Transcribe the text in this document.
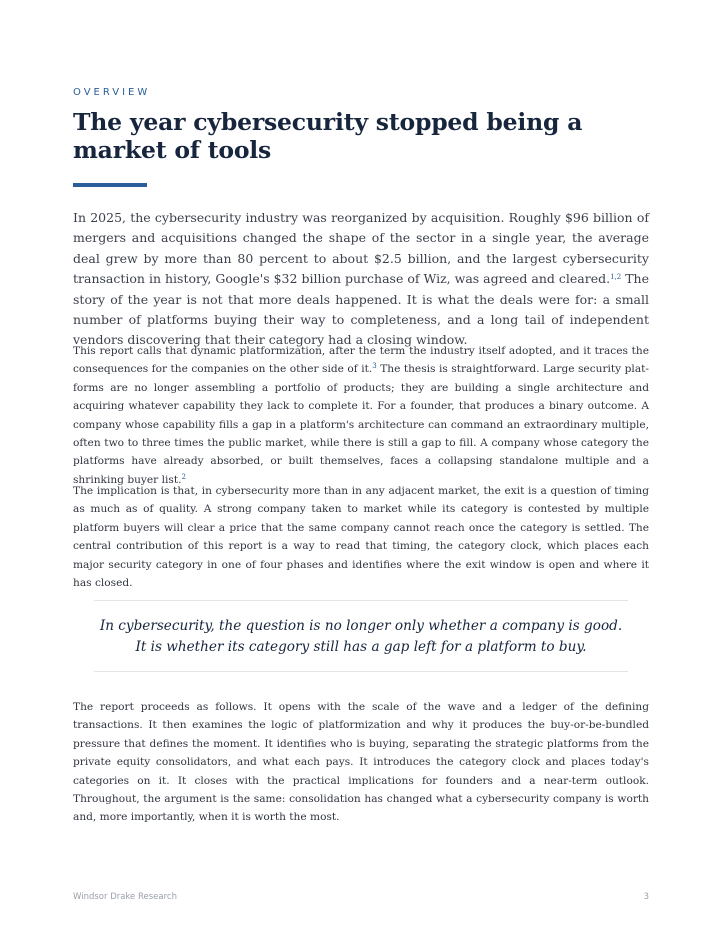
OVERVIEW
The year cybersecurity stopped being a market of tools

In 2025, the cybersecurity industry was reorganized by acquisition. Roughly $96 billion of mergers and acquisitions changed the shape of the sector in a single year, the average deal grew by more than 80 percent to about $2.5 billion, and the largest cybersecurity transaction in history, Google's $32 billion purchase of Wiz, was agreed and cleared.$^{1,2}$ The story of the year is not that more deals happened. It is what the deals were for: a small number of platforms buying their way to completeness, and a long tail of independent vendors discovering that their category had a closing window.

This report calls that dynamic platformization, after the term the industry itself adopted, and it traces the consequences for the companies on the other side of it.$^3$ The thesis is straightforward. Large security platforms are no longer assembling a portfolio of products; they are building a single architecture and acquiring whatever capability they lack to complete it. For a founder, that produces a binary outcome. A company whose capability fills a gap in a platform's architecture can command an extraordinary multiple, often two to three times the public market, while there is still a gap to fill. A company whose category the platforms have already absorbed, or built themselves, faces a collapsing standalone multiple and a shrinking buyer list.$^2$

The implication is that, in cybersecurity more than in any adjacent market, the exit is a question of timing as much as of quality. A strong company taken to market while its category is contested by multiple platform buyers will clear a price that the same company cannot reach once the category is settled. The central contribution of this report is a way to read that timing, the category clock, which places each major security category in one of four phases and identifies where the exit window is open and where it has closed.

In cybersecurity, the question is no longer only whether a company is good. It is whether its category still has a gap left for a platform to buy.

The report proceeds as follows. It opens with the scale of the wave and a ledger of the defining transactions. It then examines the logic of platformization and why it produces the buy-or-be-bundled pressure that defines the moment. It identifies who is buying, separating the strategic platforms from the private equity consolidators, and what each pays. It introduces the category clock and places today's categories on it. It closes with the practical implications for founders and a near-term outlook. Throughout, the argument is the same: consolidation has changed what a cybersecurity company is worth and, more importantly, when it is worth the most.

Windsor Drake Research	3
